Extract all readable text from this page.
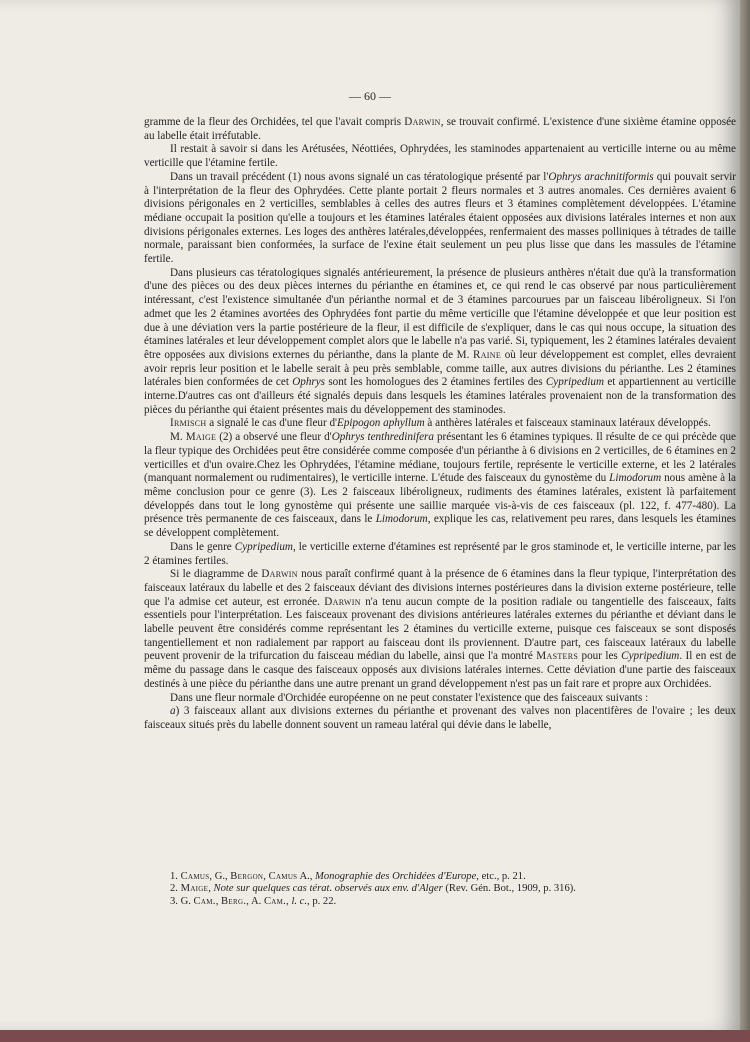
— 60 —

gramme de la fleur des Orchidées, tel que l'avait compris Darwin, se trouvait confirmé. L'existence d'une sixième étamine opposée au labelle était irréfutable.

Il restait à savoir si dans les Arétusées, Néottiées, Ophrydées, les staminodes appartenaient au verticille interne ou au même verticille que l'étamine fertile.

Dans un travail précédent (1) nous avons signalé un cas tératologique présenté par l'Ophrys arachnitiformis qui pouvait servir à l'interprétation de la fleur des Ophrydées. Cette plante portait 2 fleurs normales et 3 autres anomales. Ces dernières avaient 6 divisions périgonales en 2 verticilles, semblables à celles des autres fleurs et 3 étamines complètement développées. L'étamine médiane occupait la position qu'elle a toujours et les étamines latérales étaient opposées aux divisions latérales internes et non aux divisions périgonales externes. Les loges des anthères latérales,développées, renfermaient des masses polliniques à tétrades de taille normale, paraissant bien conformées, la surface de l'exine était seulement un peu plus lisse que dans les massules de l'étamine fertile.

Dans plusieurs cas tératologiques signalés antérieurement, la présence de plusieurs anthères n'était due qu'à la transformation d'une des pièces ou des deux pièces internes du périanthe en étamines et, ce qui rend le cas observé par nous particulièrement intéressant, c'est l'existence simultanée d'un périanthe normal et de 3 étamines parcourues par un faisceau libéroligneux. Si l'on admet que les 2 étamines avortées des Ophrydées font partie du même verticille que l'étamine développée et que leur position est due à une déviation vers la partie postérieure de la fleur, il est difficile de s'expliquer, dans le cas qui nous occupe, la situation des étamines latérales et leur développement complet alors que le labelle n'a pas varié. Si, typiquement, les 2 étamines latérales devaient être opposées aux divisions externes du périanthe, dans la plante de M. Raine où leur développement est complet, elles devraient avoir repris leur position et le labelle serait à peu près semblable, comme taille, aux autres divisions du périanthe. Les 2 étamines latérales bien conformées de cet Ophrys sont les homologues des 2 étamines fertiles des Cypripedium et appartiennent au verticille interne.D'autres cas ont d'ailleurs été signalés depuis dans lesquels les étamines latérales provenaient non de la transformation des pièces du périanthe qui étaient présentes mais du développement des staminodes.

Irmisch a signalé le cas d'une fleur d'Epipogon aphyllum à anthères latérales et faisceaux staminaux latéraux développés.

M. Maige (2) a observé une fleur d'Ophrys tenthredinifera présentant les 6 étamines typiques. Il résulte de ce qui précède que la fleur typique des Orchidées peut être considérée comme composée d'un périanthe à 6 divisions en 2 verticilles, de 6 étamines en 2 verticilles et d'un ovaire.Chez les Ophrydées, l'étamine médiane, toujours fertile, représente le verticille externe, et les 2 latérales (manquant normalement ou rudimentaires), le verticille interne. L'étude des faisceaux du gynostème du Limodorum nous amène à la même conclusion pour ce genre (3). Les 2 faisceaux libéroligneux, rudiments des étamines latérales, existent là parfaitement développés dans tout le long gynostème qui présente une saillie marquée vis-à-vis de ces faisceaux (pl. 122, f. 477-480). La présence très permanente de ces faisceaux, dans le Limodorum, explique les cas, relativement peu rares, dans lesquels les étamines se développent complètement.

Dans le genre Cypripedium, le verticille externe d'étamines est représenté par le gros staminode et, le verticille interne, par les 2 étamines fertiles.

Si le diagramme de Darwin nous paraît confirmé quant à la présence de 6 étamines dans la fleur typique, l'interprétation des faisceaux latéraux du labelle et des 2 faisceaux déviant des divisions internes postérieures dans la division externe postérieure, telle que l'a admise cet auteur, est erronée. Darwin n'a tenu aucun compte de la position radiale ou tangentielle des faisceaux, faits essentiels pour l'interprétation. Les faisceaux provenant des divisions antérieures latérales externes du périanthe et déviant dans le labelle peuvent être considérés comme représentant les 2 étamines du verticille externe, puisque ces faisceaux se sont disposés tangentiellement et non radialement par rapport au faisceau dont ils proviennent. D'autre part, ces faisceaux latéraux du labelle peuvent provenir de la trifurcation du faisceau médian du labelle, ainsi que l'a montré Masters pour les Cypripedium. Il en est de même du passage dans le casque des faisceaux opposés aux divisions latérales internes. Cette déviation d'une partie des faisceaux destinés à une pièce du périanthe dans une autre prenant un grand développement n'est pas un fait rare et propre aux Orchidées.

Dans une fleur normale d'Orchidée européenne on ne peut constater l'existence que des faisceaux suivants :

a) 3 faisceaux allant aux divisions externes du périanthe et provenant des valves non placentifères de l'ovaire ; les deux faisceaux situés près du labelle donnent souvent un rameau latéral qui dévie dans le labelle,

1. Camus, G., Bergon, Camus A., Monographie des Orchidées d'Europe, etc., p. 21.
2. Maige, Note sur quelques cas térat. observés aux env. d'Alger (Rev. Gén. Bot., 1909, p. 316).
3. G. Cam., Berg., A. Cam., l. c., p. 22.
